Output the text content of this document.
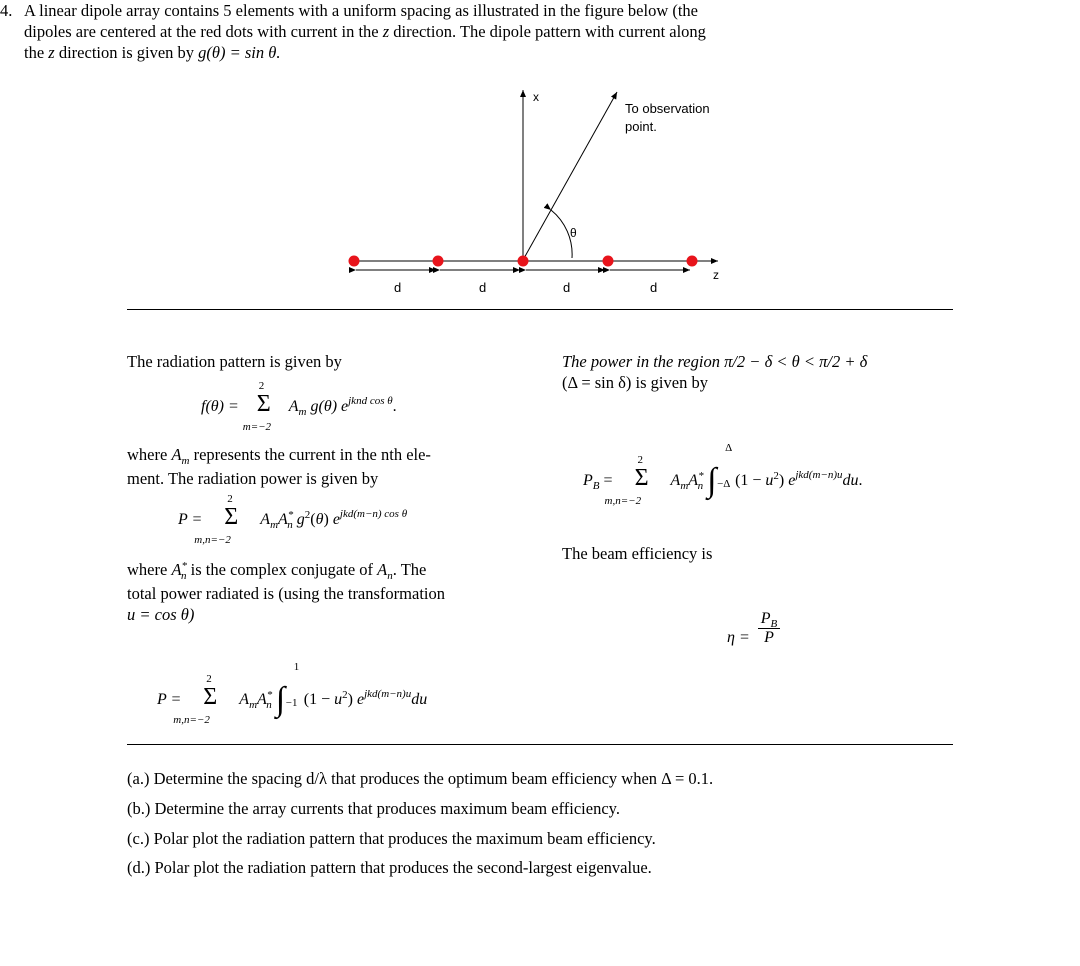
4. A linear dipole array contains 5 elements with a uniform spacing as illustrated in the figure below (the
dipoles are centered at the red dots with current in the z direction. The dipole pattern with current along
the z direction is given by g(θ) = sin θ.
x
z
To observation
point.
θ
d	d	d	d
The radiation pattern is given by
f(θ) =
2
Σ
m=−2
$A_m$ g(θ) $e^{jknd cos \theta}$.
where $A_m$ represents the current in the nth ele-
ment. The radiation power is given by
P =
2
Σ
m,n=−2
$A_mA^*_n$ $g^2(\theta)$ $e^{jkd(m-n) cos \theta}$
where $A^*_n$ is the complex conjugate of $A_n$. The
total power radiated is (using the transformation
u = cos θ)
P =
2
Σ
m,n=−2
$A_mA^*_n$ ∫
1
−1 $(1 - u^2)$ $e^{jkd(m-n)u}du$
The power in the region π/2 − δ < θ < π/2 + δ
(Δ = sin δ) is given by
$P_B$ =
2
Σ
m,n=−2
$A_mA^*_n$ ∫
Δ
−Δ $(1 - u^2)$ $e^{jkd(m-n)u}du$.
The beam efficiency is
$\eta = \frac{P_B}{P}$
(a.) Determine the spacing d/λ that produces the optimum beam efficiency when Δ = 0.1.
(b.) Determine the array currents that produces maximum beam efficiency.
(c.) Polar plot the radiation pattern that produces the maximum beam efficiency.
(d.) Polar plot the radiation pattern that produces the second-largest eigenvalue.
